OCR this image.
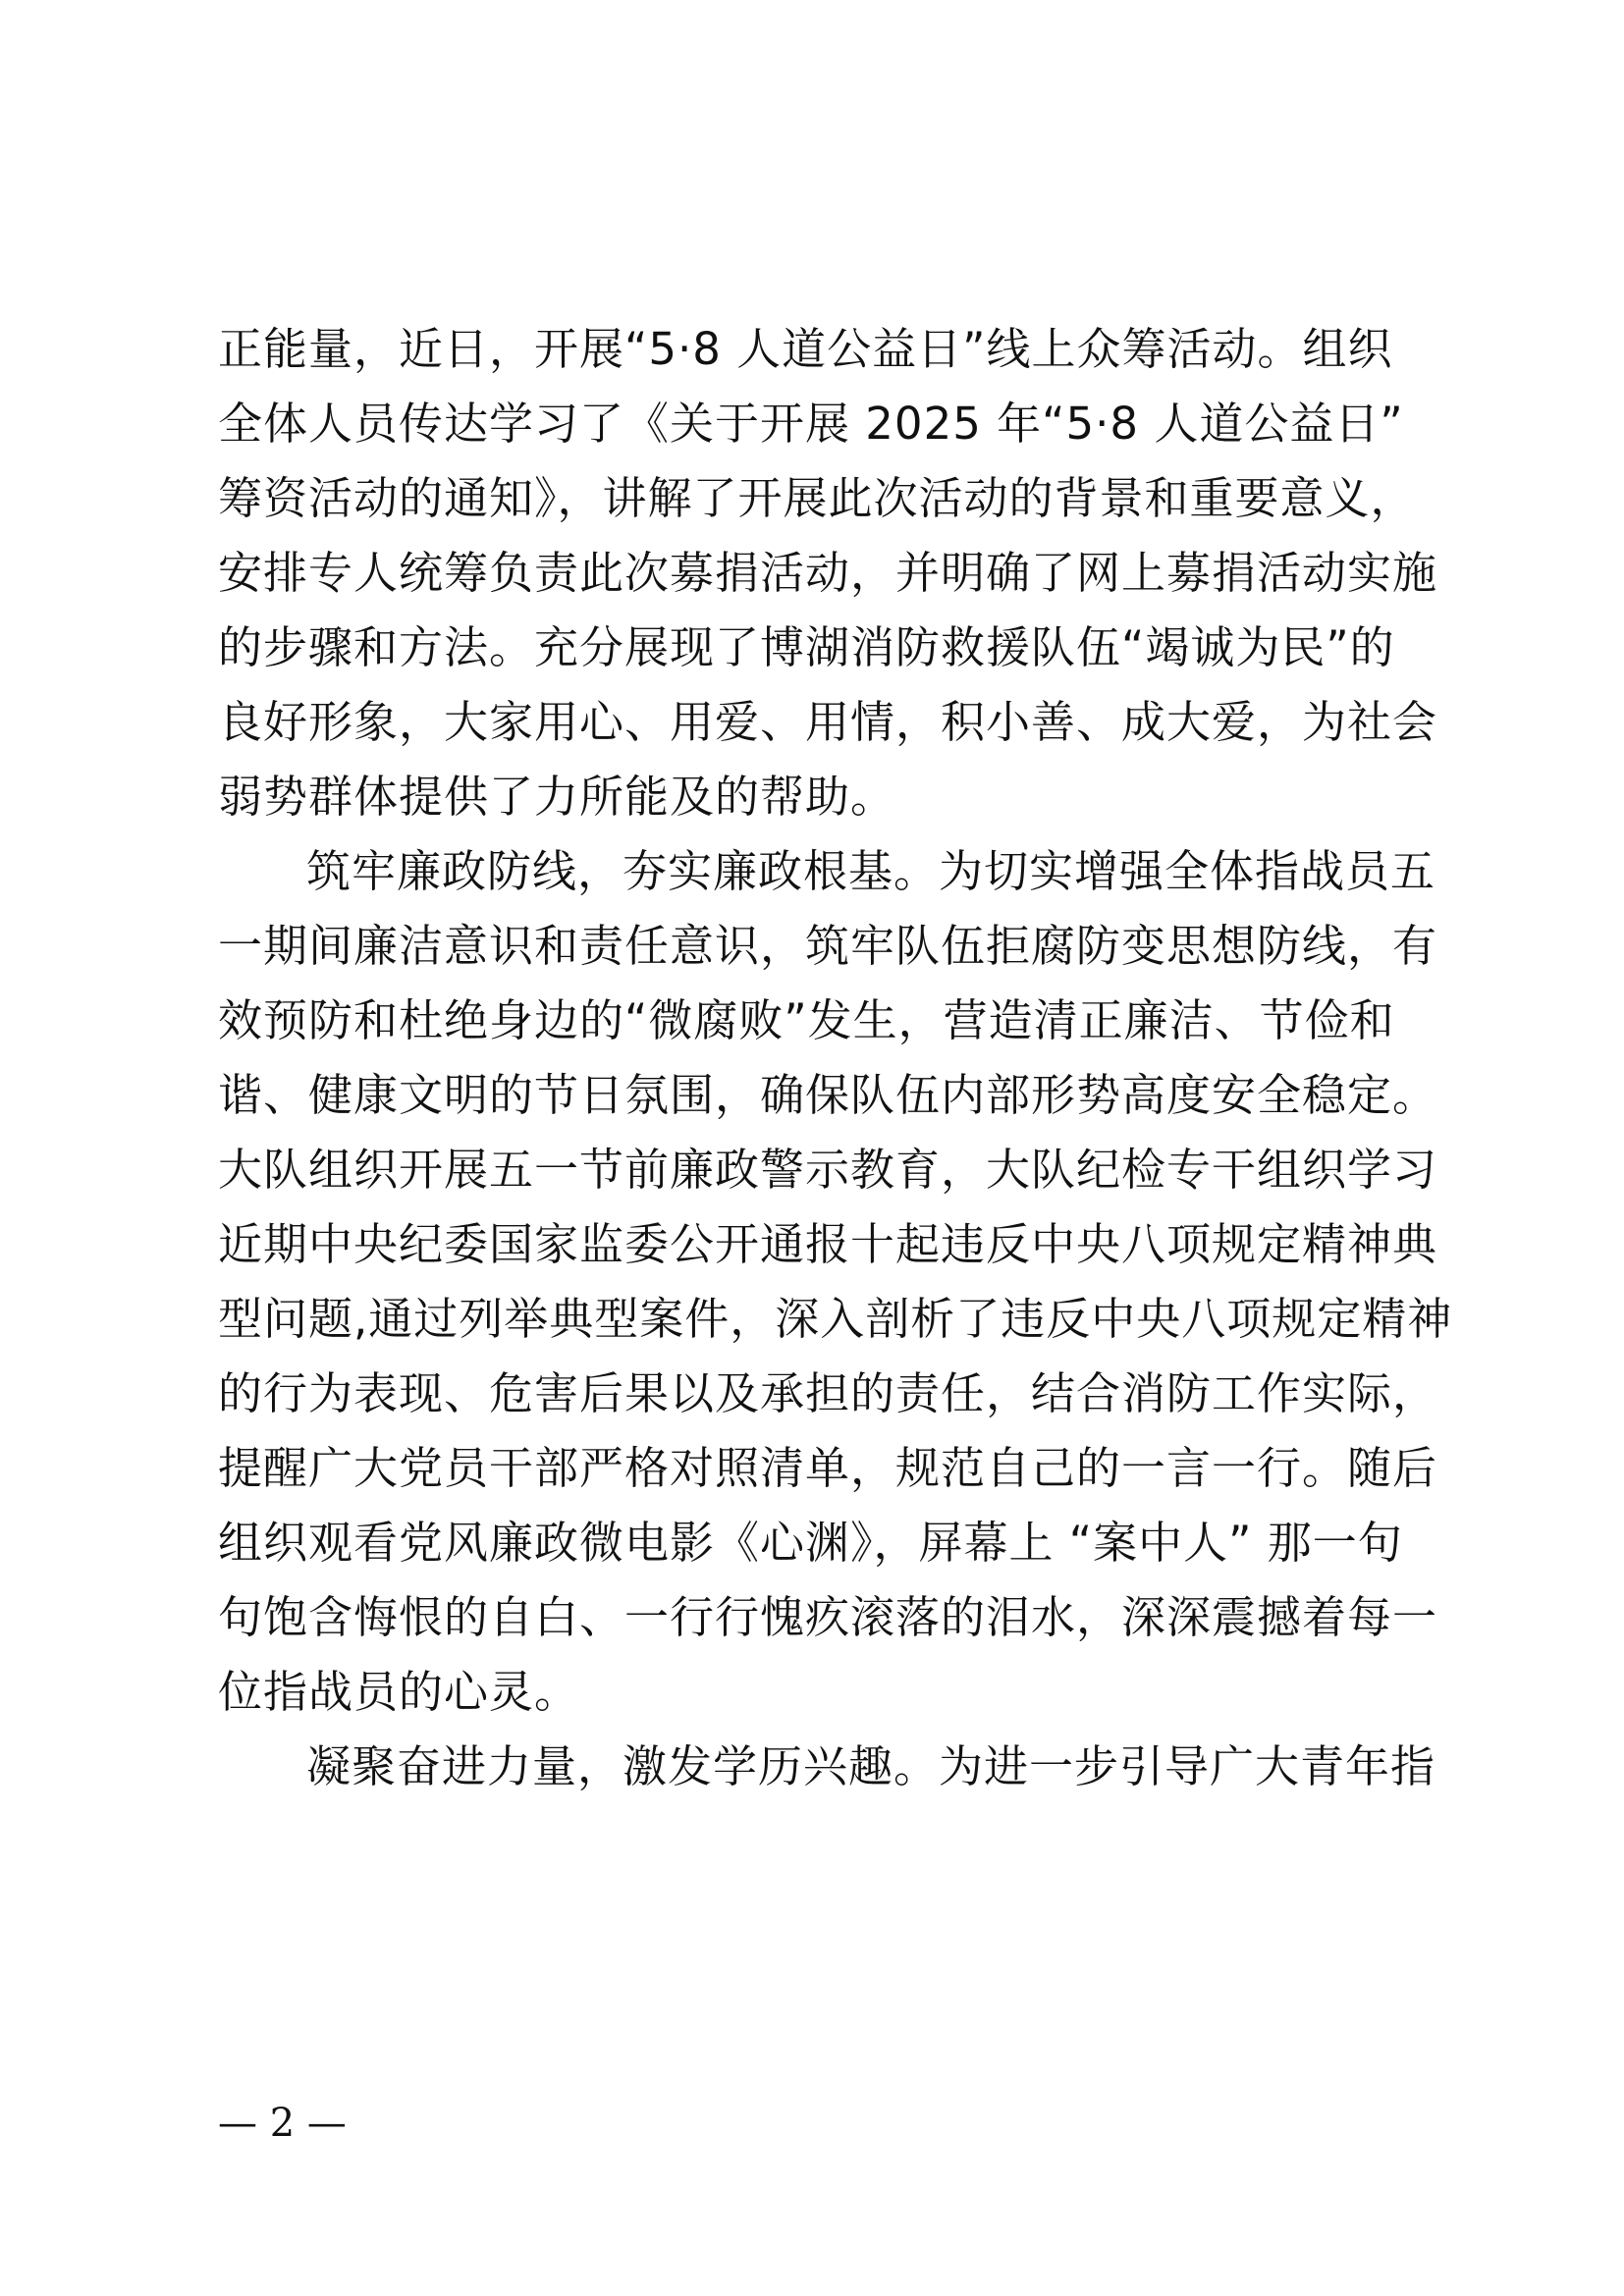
正能量，近日，开展“5·8 人道公益日”线上众筹活动。组织
全体人员传达学习了《关于开展 2025 年“5·8 人道公益日”
筹资活动的通知》，讲解了开展此次活动的背景和重要意义，
安排专人统筹负责此次募捐活动，并明确了网上募捐活动实施
的步骤和方法。充分展现了博湖消防救援队伍“竭诚为民”的
良好形象，大家用心、用爱、用情，积小善、成大爱，为社会
弱势群体提供了力所能及的帮助。

筑牢廉政防线，夯实廉政根基。为切实增强全体指战员五
一期间廉洁意识和责任意识，筑牢队伍拒腐防变思想防线，有
效预防和杜绝身边的“微腐败”发生，营造清正廉洁、节俭和
谐、健康文明的节日氛围，确保队伍内部形势高度安全稳定。
大队组织开展五一节前廉政警示教育，大队纪检专干组织学习
近期中央纪委国家监委公开通报十起违反中央八项规定精神典
型问题,通过列举典型案件，深入剖析了违反中央八项规定精神
的行为表现、危害后果以及承担的责任，结合消防工作实际，
提醒广大党员干部严格对照清单，规范自己的一言一行。随后
组织观看党风廉政微电影《心渊》，屏幕上 “案中人” 那一句
句饱含悔恨的自白、一行行愧疚滚落的泪水，深深震撼着每一
位指战员的心灵。

凝聚奋进力量，激发学历兴趣。为进一步引导广大青年指

— 2 —
